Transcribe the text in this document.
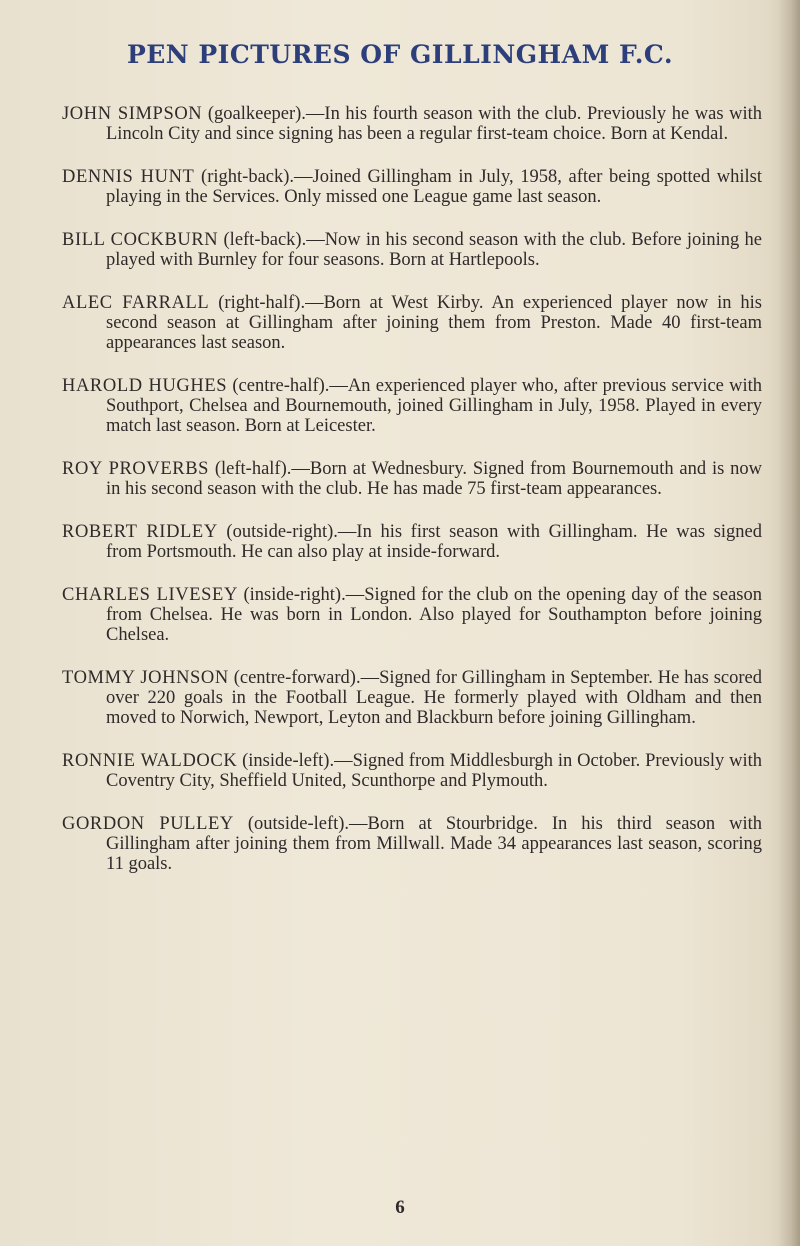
PEN PICTURES OF GILLINGHAM F.C.

JOHN SIMPSON (goalkeeper).—In his fourth season with the club. Previously he was with Lincoln City and since signing has been a regular first-team choice. Born at Kendal.

DENNIS HUNT (right-back).—Joined Gillingham in July, 1958, after being spotted whilst playing in the Services. Only missed one League game last season.

BILL COCKBURN (left-back).—Now in his second season with the club. Before joining he played with Burnley for four seasons. Born at Hartlepools.

ALEC FARRALL (right-half).—Born at West Kirby. An experienced player now in his second season at Gillingham after joining them from Preston. Made 40 first-team appearances last season.

HAROLD HUGHES (centre-half).—An experienced player who, after previous service with Southport, Chelsea and Bournemouth, joined Gillingham in July, 1958. Played in every match last season. Born at Leicester.

ROY PROVERBS (left-half).—Born at Wednesbury. Signed from Bournemouth and is now in his second season with the club. He has made 75 first-team appearances.

ROBERT RIDLEY (outside-right).—In his first season with Gillingham. He was signed from Portsmouth. He can also play at inside-forward.

CHARLES LIVESEY (inside-right).—Signed for the club on the opening day of the season from Chelsea. He was born in London. Also played for Southampton before joining Chelsea.

TOMMY JOHNSON (centre-forward).—Signed for Gillingham in September. He has scored over 220 goals in the Football League. He formerly played with Oldham and then moved to Norwich, Newport, Leyton and Blackburn before joining Gillingham.

RONNIE WALDOCK (inside-left).—Signed from Middlesburgh in October. Previously with Coventry City, Sheffield United, Scunthorpe and Plymouth.

GORDON PULLEY (outside-left).—Born at Stourbridge. In his third season with Gillingham after joining them from Millwall. Made 34 appearances last season, scoring 11 goals.

6
